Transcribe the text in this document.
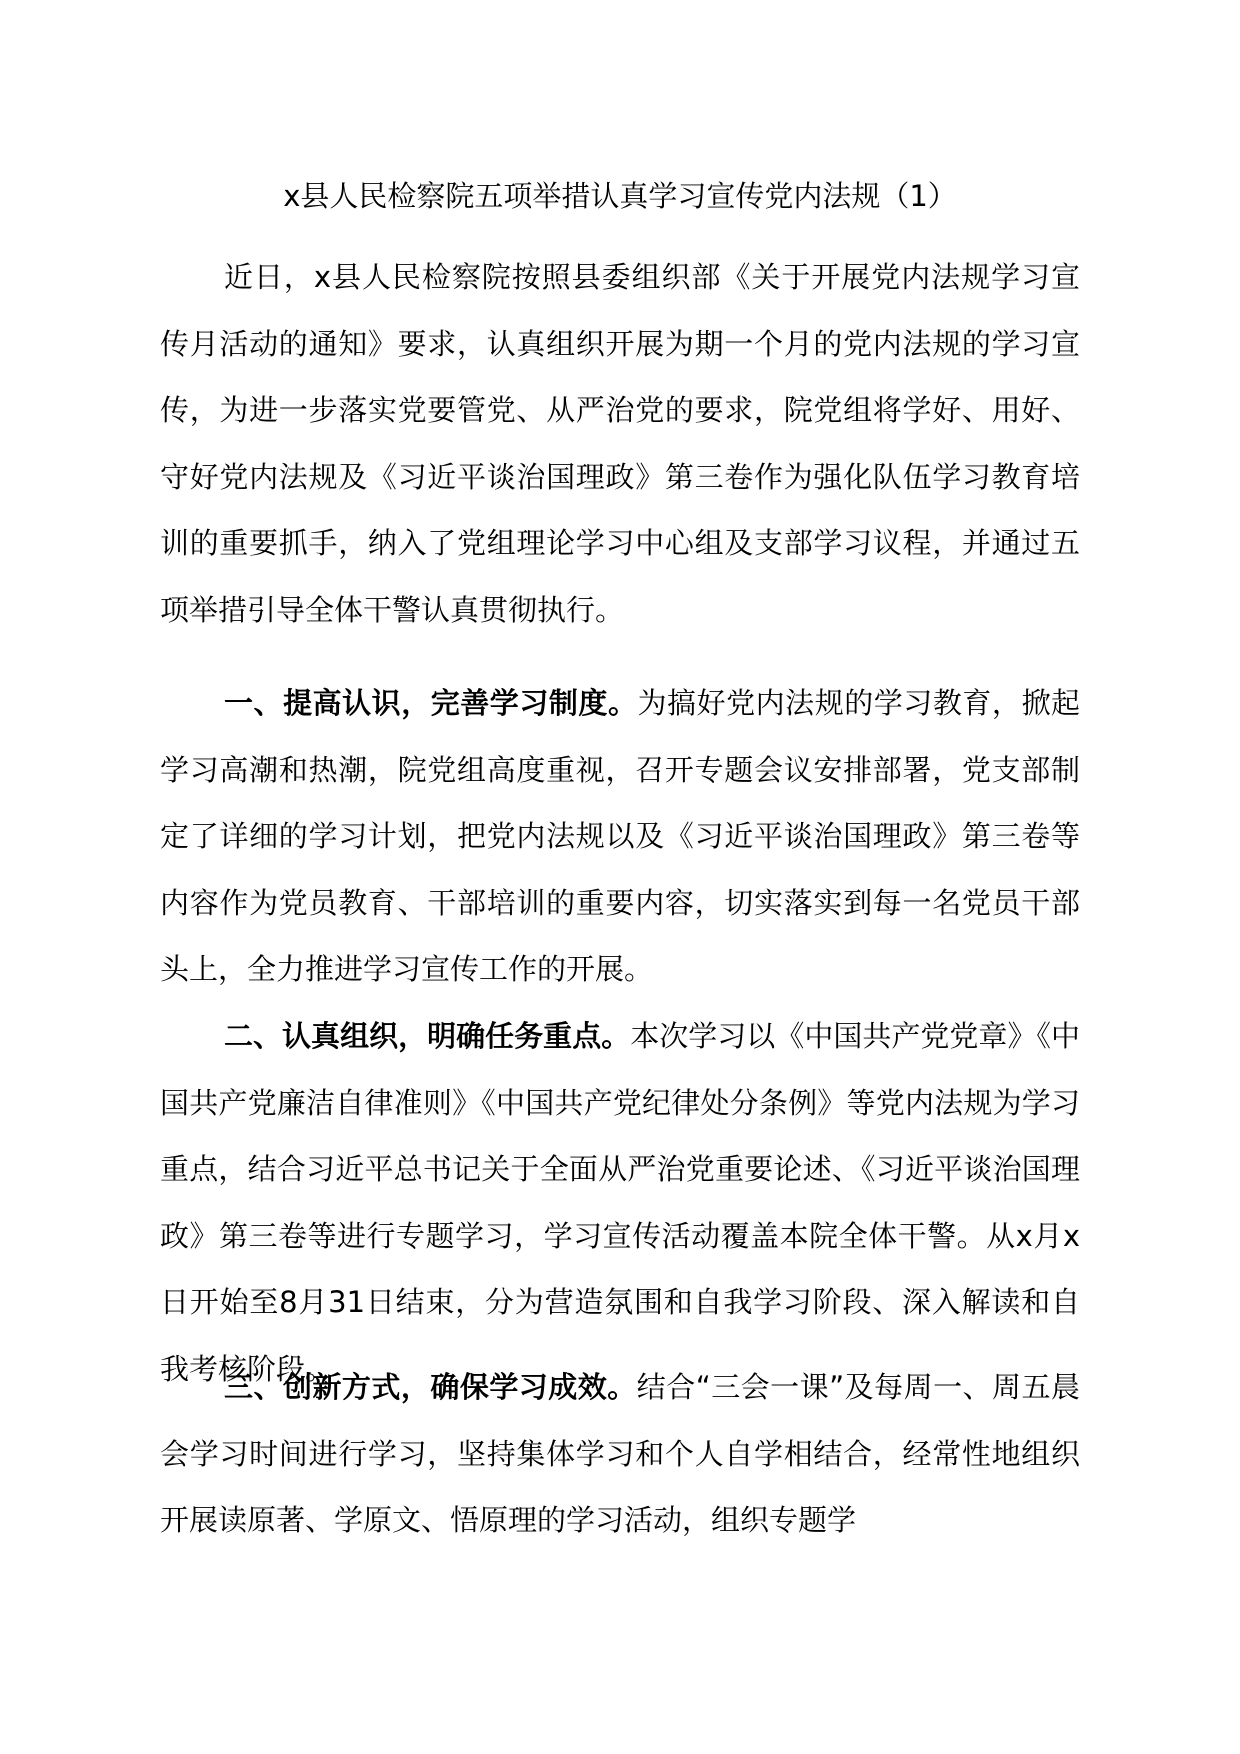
x县人民检察院五项举措认真学习宣传党内法规（1）

近日，x县人民检察院按照县委组织部《关于开展党内法规学习宣传月活动的通知》要求，认真组织开展为期一个月的党内法规的学习宣传，为进一步落实党要管党、从严治党的要求，院党组将学好、用好、守好党内法规及《习近平谈治国理政》第三卷作为强化队伍学习教育培训的重要抓手，纳入了党组理论学习中心组及支部学习议程，并通过五项举措引导全体干警认真贯彻执行。

一、提高认识，完善学习制度。为搞好党内法规的学习教育，掀起学习高潮和热潮，院党组高度重视，召开专题会议安排部署，党支部制定了详细的学习计划，把党内法规以及《习近平谈治国理政》第三卷等内容作为党员教育、干部培训的重要内容，切实落实到每一名党员干部头上，全力推进学习宣传工作的开展。

二、认真组织，明确任务重点。本次学习以《中国共产党党章》《中国共产党廉洁自律准则》《中国共产党纪律处分条例》等党内法规为学习重点，结合习近平总书记关于全面从严治党重要论述、《习近平谈治国理政》第三卷等进行专题学习，学习宣传活动覆盖本院全体干警。从x月x日开始至8月31日结束，分为营造氛围和自我学习阶段、深入解读和自我考核阶段。

三、创新方式，确保学习成效。结合“三会一课”及每周一、周五晨会学习时间进行学习，坚持集体学习和个人自学相结合，经常性地组织开展读原著、学原文、悟原理的学习活动，组织专题学
